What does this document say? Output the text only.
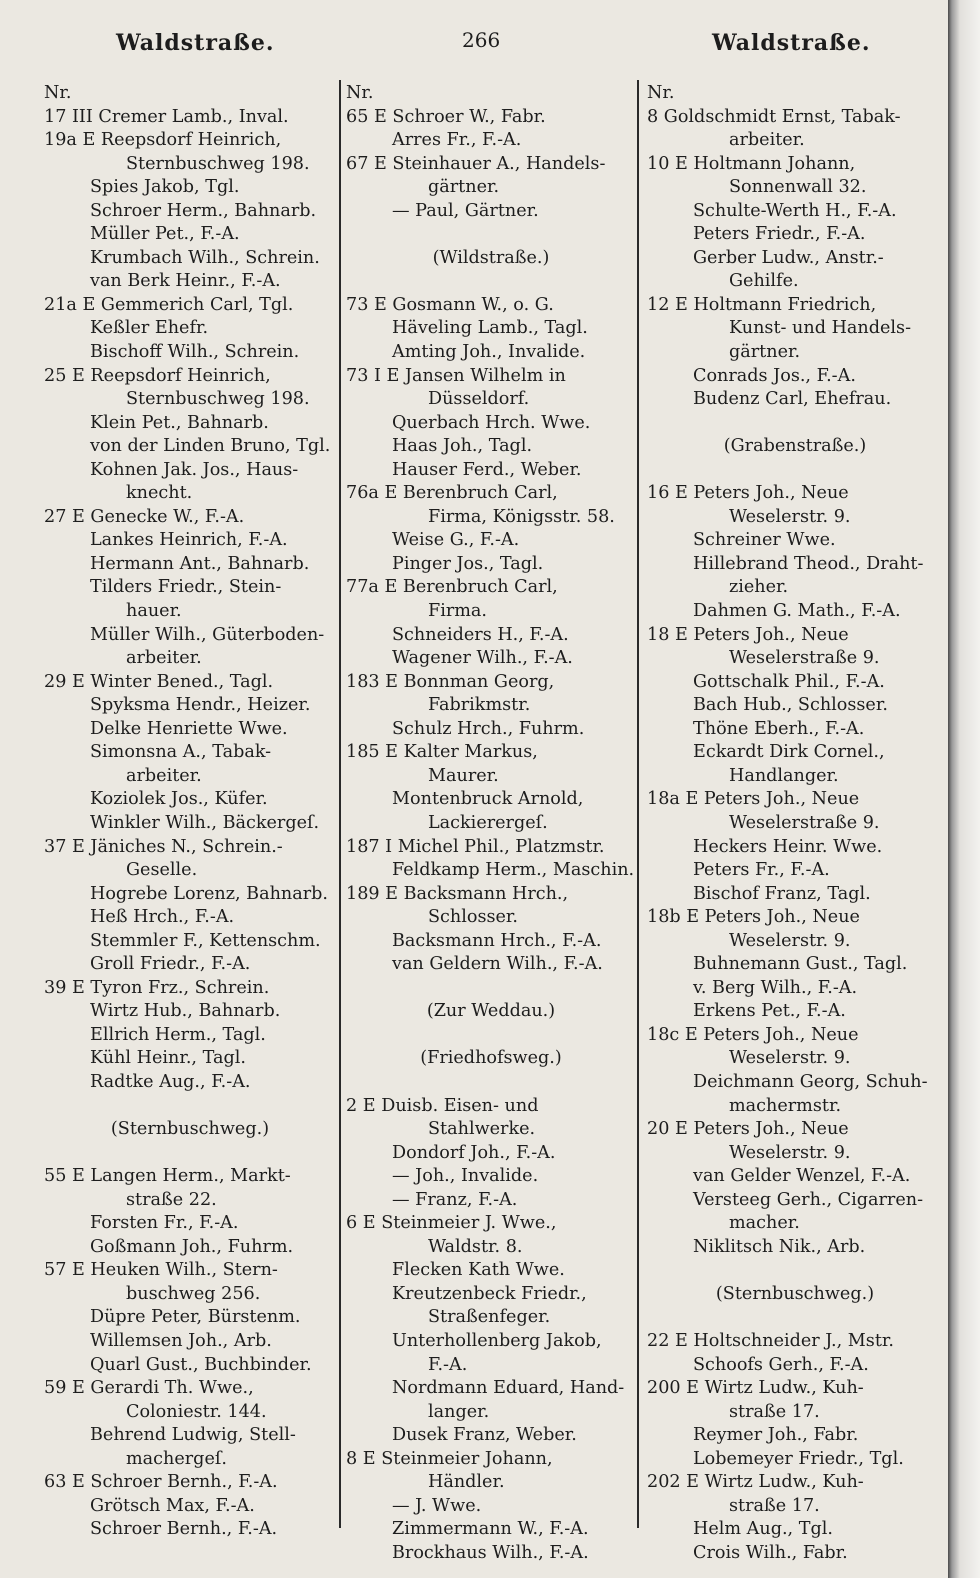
Waldstraße.	266	Waldstraße.
Nr.
17 III Cremer Lamb., Inval.
19a E Reepsdorf Heinrich,
Sternbuschweg 198.
Spies Jakob, Tgl.
Schroer Herm., Bahnarb.
Müller Pet., F.-A.
Krumbach Wilh., Schrein.
van Berk Heinr., F.-A.
21a E Gemmerich Carl, Tgl.
Keßler Ehefr.
Bischoff Wilh., Schrein.
25 E Reepsdorf Heinrich,
Sternbuschweg 198.
Klein Pet., Bahnarb.
von der Linden Bruno, Tgl.
Kohnen Jak. Jos., Haus-
knecht.
27 E Genecke W., F.-A.
Lankes Heinrich, F.-A.
Hermann Ant., Bahnarb.
Tilders Friedr., Stein-
hauer.
Müller Wilh., Güterboden-
arbeiter.
29 E Winter Bened., Tagl.
Spyksma Hendr., Heizer.
Delke Henriette Wwe.
Simonsna A., Tabak-
arbeiter.
Koziolek Jos., Küfer.
Winkler Wilh., Bäckergeſ.
37 E Jäniches N., Schrein.-
Geselle.
Hogrebe Lorenz, Bahnarb.
Heß Hrch., F.-A.
Stemmler F., Kettenschm.
Groll Friedr., F.-A.
39 E Tyron Frz., Schrein.
Wirtz Hub., Bahnarb.
Ellrich Herm., Tagl.
Kühl Heinr., Tagl.
Radtke Aug., F.-A.
(Sternbuschweg.)
55 E Langen Herm., Markt-
straße 22.
Forsten Fr., F.-A.
Goßmann Joh., Fuhrm.
57 E Heuken Wilh., Stern-
buschweg 256.
Düpre Peter, Bürstenm.
Willemsen Joh., Arb.
Quarl Gust., Buchbinder.
59 E Gerardi Th. Wwe.,
Coloniestr. 144.
Behrend Ludwig, Stell-
machergeſ.
63 E Schroer Bernh., F.-A.
Grötsch Max, F.-A.
Schroer Bernh., F.-A.
Nr.
65 E Schroer W., Fabr.
Arres Fr., F.-A.
67 E Steinhauer A., Handels-
gärtner.
— Paul, Gärtner.
(Wildstraße.)
73 E Gosmann W., o. G.
Häveling Lamb., Tagl.
Amting Joh., Invalide.
73 I E Jansen Wilhelm in
Düsseldorf.
Querbach Hrch. Wwe.
Haas Joh., Tagl.
Hauser Ferd., Weber.
76a E Berenbruch Carl,
Firma, Königsstr. 58.
Weise G., F.-A.
Pinger Jos., Tagl.
77a E Berenbruch Carl,
Firma.
Schneiders H., F.-A.
Wagener Wilh., F.-A.
183 E Bonnman Georg,
Fabrikmstr.
Schulz Hrch., Fuhrm.
185 E Kalter Markus,
Maurer.
Montenbruck Arnold,
Lackierergeſ.
187 I Michel Phil., Platzmstr.
Feldkamp Herm., Maschin.
189 E Backsmann Hrch.,
Schlosser.
Backsmann Hrch., F.-A.
van Geldern Wilh., F.-A.
(Zur Weddau.)
(Friedhofsweg.)
2 E Duisb. Eisen- und
Stahlwerke.
Dondorf Joh., F.-A.
— Joh., Invalide.
— Franz, F.-A.
6 E Steinmeier J. Wwe.,
Waldstr. 8.
Flecken Kath Wwe.
Kreutzenbeck Friedr.,
Straßenfeger.
Unterhollenberg Jakob,
F.-A.
Nordmann Eduard, Hand-
langer.
Dusek Franz, Weber.
8 E Steinmeier Johann,
Händler.
— J. Wwe.
Zimmermann W., F.-A.
Brockhaus Wilh., F.-A.
Nr.
8 Goldschmidt Ernst, Tabak-
arbeiter.
10 E Holtmann Johann,
Sonnenwall 32.
Schulte-Werth H., F.-A.
Peters Friedr., F.-A.
Gerber Ludw., Anstr.-
Gehilfe.
12 E Holtmann Friedrich,
Kunst- und Handels-
gärtner.
Conrads Jos., F.-A.
Budenz Carl, Ehefrau.
(Grabenstraße.)
16 E Peters Joh., Neue
Weselerstr. 9.
Schreiner Wwe.
Hillebrand Theod., Draht-
zieher.
Dahmen G. Math., F.-A.
18 E Peters Joh., Neue
Weselerstraße 9.
Gottschalk Phil., F.-A.
Bach Hub., Schlosser.
Thöne Eberh., F.-A.
Eckardt Dirk Cornel.,
Handlanger.
18a E Peters Joh., Neue
Weselerstraße 9.
Heckers Heinr. Wwe.
Peters Fr., F.-A.
Bischof Franz, Tagl.
18b E Peters Joh., Neue
Weselerstr. 9.
Buhnemann Gust., Tagl.
v. Berg Wilh., F.-A.
Erkens Pet., F.-A.
18c E Peters Joh., Neue
Weselerstr. 9.
Deichmann Georg, Schuh-
machermstr.
20 E Peters Joh., Neue
Weselerstr. 9.
van Gelder Wenzel, F.-A.
Versteeg Gerh., Cigarren-
macher.
Niklitsch Nik., Arb.
(Sternbuschweg.)
22 E Holtschneider J., Mstr.
Schoofs Gerh., F.-A.
200 E Wirtz Ludw., Kuh-
straße 17.
Reymer Joh., Fabr.
Lobemeyer Friedr., Tgl.
202 E Wirtz Ludw., Kuh-
straße 17.
Helm Aug., Tgl.
Crois Wilh., Fabr.
